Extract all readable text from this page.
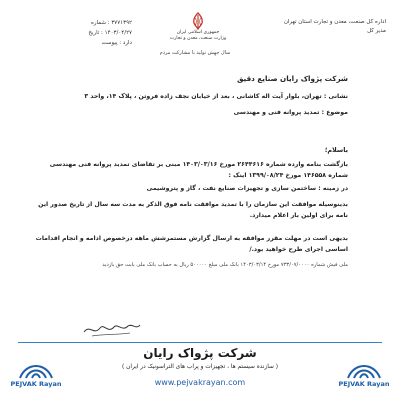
۳۷۷۱۳۹۲ : شماره
۱۴۰۳/۰۴/۲۷ : تاریخ
دارد : پیوست
جمهوری اسلامی ایران
وزارت صنعت، معدن و تجارت
اداره کل صنعت، معدن و تجارت استان تهران
مدیر کل
سال جهش تولید با مشارکت مردم
شرکت پژواک رایان صنایع دقیق
نشانی : تهران، بلوار آیت اله کاشانی ، بعد از خیابان نجف زاده فروتن ، پلاک ۱۴، واحد ۳
موضوع : تمدید پروانه فنی و مهندسی
باسلام؛
بازگشت بنامه وارده شماره ۲۶۴۴۶۱۶ مورخ ۱۴۰۳/۰۳/۱۶ مبنی بر تقاضای تمدید پروانه فنی مهندسی شماره ۱۴۶۵۵۸ مورخ ۱۳۹۹/۰۸/۲۴ اینک :
در زمینه : ساختمن سازی و تجهیزات صنایع نفت ، گاز و پتروشیمی
بدینوسیله موافقت این سازمان را با تمدید موافقت نامه فوق الذکر به مدت سه سال از تاریخ صدور این نامه برای اولین بار اعلام میدارد.
بدیهی است در مهلت مقرر موافقه به ارسال گزارش مستمرشش ماهه درخصوص ادامه و انجام اقدامات اساسی اجرای طرح خواهید بود./
ملی فیش شماره ۷۳۳/۰۷/۰۰۰۰ مورخ ۱۴۰۳/۰۳/۱۴ بانک ملی مبلغ ۵۰۰۰۰۰ ریال به حساب بانک ملی بابت حق بازدید
PEJVAK Rayan
شرکت پژواک رایان
( سازنده سیستم ها ، تجهیزات و پراب های التراسونیک در ایران )
www.pejvakrayan.com	PEJVAK Rayan
